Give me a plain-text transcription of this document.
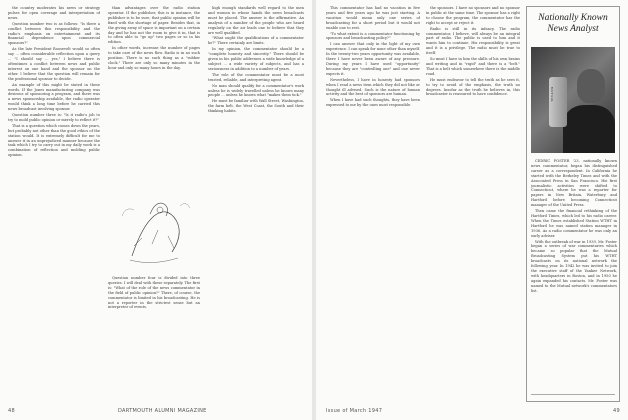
the country moderates his news or strategy pulses for open coverage and interpretation of news.

Question number two is as follows: "Is there a conflict between this responsibility and the radio's emphasis on entertainment and its financial dependence upon commercial sponsors?"

As the late President Roosevelt would so often say ... often considerable reflection upon a query ... "I should say ... yes." I believe there is oftentimes a conflict between news and public interest on one hand and the sponsor on the other. I believe that the question will remain for the professional sponsor to decide.

An example of this might be stated in these words. If the Jones manufacturing company was desirous of sponsoring a program, and there was a news sponsorship available, the radio operator would think a long time before he carried this news broadcast involving sponsor.

Question number three is: "Is it radio's job to try to mold public opinion or merely to reflect it?"

That is a question which comes down the years, but probably not other than the good ethics of the station would. It is extremely difficult for me to answer it in an unprejudiced manner because the task which I try to carry out in my daily work is a combination of reflection and molding public opinion.

than advantages over the radio station operator. If the publisher, this is in instance, the publisher is to be sure, that public opinion will be fixed with the shortage of paper. Besides that, in the giving away of space is important on a certain day and he has not the room to give it in, that is to often able to "go up" two pages or so in his edition.

In other words, increase the number of pages to take care of the news flow. Radio is in no such position. There is no such thing as a "rubber clock." There are only so many minutes in the hour and only so many hours in the day.

Question number four is divided into three queries. I will deal with these separately. The first is: "What of the role of the news commentator in the field of public opinion?" There, of course, the commentator is limited in his broadcasting. He is not a reporter in the strictest sense but an interpreter of events.

high enough standards well regard to the men and women in whose hands the news broadcasts must be placed. The answer is the affirmative. An analysis of a number of the people who are heard regularly on the air leads one to believe that they are well qualified.

"What ought the qualifications of a commentator be?" There certainly are limits.

In my opinion, the commentator should be a "complete honesty and sincerity." There should be given in his public addresses a wide knowledge of a subject ... a wide variety of subjects, and has a seriousness in addition to a number of years.

The role of the commentator must be a most trusted, reliable, and interpreting agent.

No man should qualify for a commentator's work unless he is widely travelled unless he knows many people ... unless he knows what "makes them tick."

He must be familiar with Wall Street, Washington, the farm belt, the West Coast, the South and their thinking habits.

48	DARTMOUTH ALUMNI MAGAZINE

This commentator has had no vacation in five years and five years ago he was just starting. A vacation would mean only one series of broadcasting for a short period but it would not enable one to rest.

"To what extent is a commentator functioning by sponsors and broadcasting policy?"

I can answer that only in the light of my own experience. I can speak for none other than myself. In the twenty-two years opportunity was available, there I have never been aware of any pressure. During my years I have used "opportunity" because they are "controlling one" and one never expects it.

Nevertheless, I have in honesty had sponsors when I read a news item which they did not like or thought ill advised. Such is the nature of human activity and the best of sponsors are human.

When I have had such thoughts, they have been expressed to me by the ones most responsible.

the sponsors. I have no sponsors and no sponsor in public at the same time. The sponsor has a right to choose the program, the commentator has the right to accept or reject it.

Radio is still in its infancy. The radio commentator, I believe, will always be an integral part of radio. The public is used to him and it wants him to continue. His responsibility is great and it is a privilege. The radio must be true to itself.

So must I have in him the skills of his own brains and writing and in "rigid" and there is a "belt." That is a belt which somewhere there is the middle road.

He must endeavor to tell the truth as he sees it, to try to avoid of the emphasis, the truth no degrees. Insofar as the truth he believes in, this broadcaster is reassured to have confidence.

Nationally Known News Analyst
MUTUAL

CEDRIC FOSTER '23, nationally known news commentator, began his distinguished career as a correspondent. In California he started with the Berkeley Times and with the Associated Press in San Francisco. His first journalistic activities were shifted to Connecticut, where he was a reporter for papers in New Britain, Waterbury and Hartford before becoming Connecticut manager of the United Press.

Then came the financial rethinking of the Hartford Times, which led to his radio career. When the Times established Station WTHT in Hartford he was named station manager in 1936. As a radio commentator he was only an early adviser.

With the outbreak of war in 1939, Mr. Foster began a series of war commentaries which became so popular that the Mutual Broadcasting System put his WTHT broadcasts on its national network the following year. In 1942 he was invited to join the executive staff of the Yankee Network, with headquarters in Boston, and in 1950 he again expanded his contacts. Mr. Foster was named to the Mutual network's commentators list.

Issue of March 1947	49
